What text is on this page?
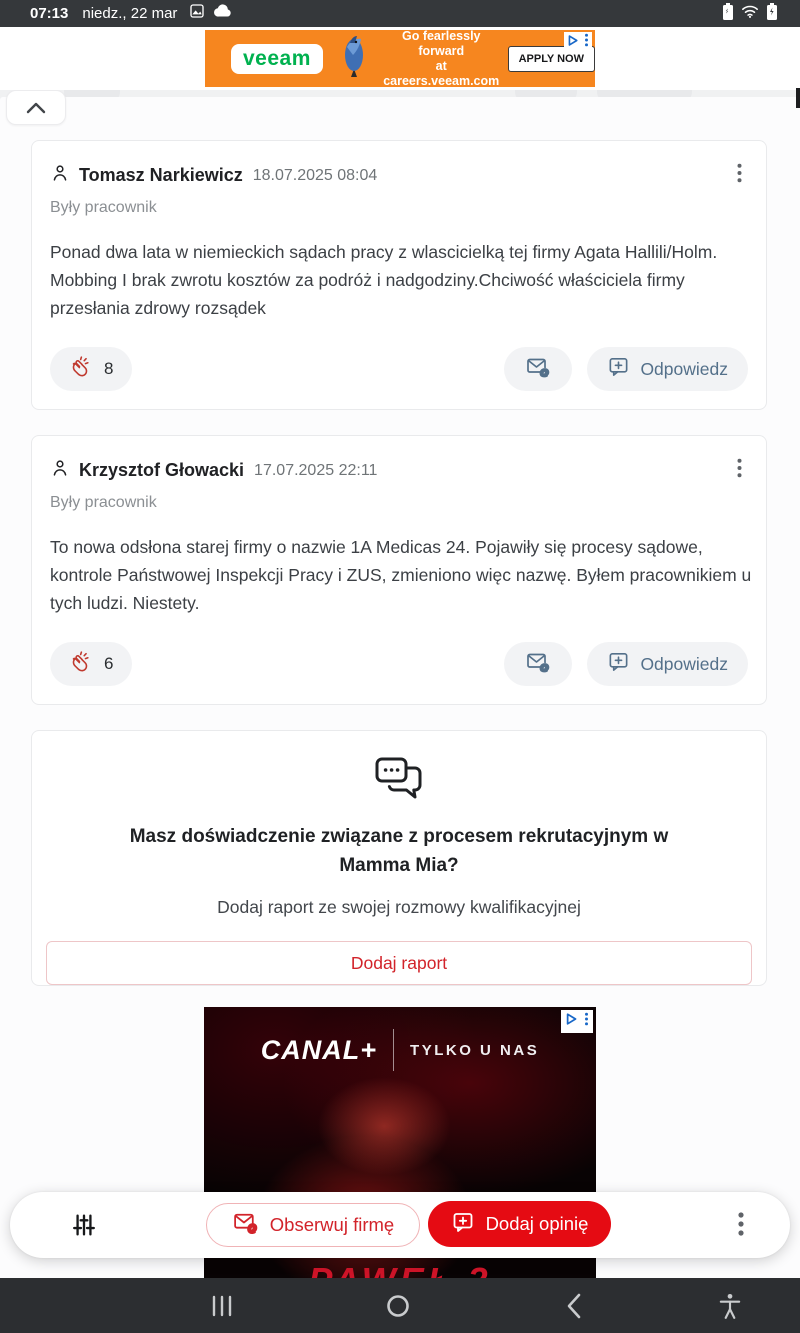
07:13 niedz., 22 mar
veeam
Go fearlessly forward
at careers.veeam.com
APPLY NOW
Tomasz Narkiewicz 18.07.2025 08:04
Były pracownik
Ponad dwa lata w niemieckich sądach pracy z wlascicielką tej firmy Agata Hallili/Holm. Mobbing I brak zwrotu kosztów za podróż i nadgodziny.Chciwość właściciela firmy przesłania zdrowy rozsądek
8	@	Odpowiedz
Krzysztof Głowacki 17.07.2025 22:11
Były pracownik
To nowa odsłona starej firmy o nazwie 1A Medicas 24. Pojawiły się procesy sądowe, kontrole Państwowej Inspekcji Pracy i ZUS, zmieniono więc nazwę. Byłem pracownikiem u tych ludzi. Niestety.
6	@	Odpowiedz
Masz doświadczenie związane z procesem rekrutacyjnym w Mamma Mia?
Dodaj raport ze swojej rozmowy kwalifikacyjnej
Dodaj raport
CANAL+ TYLKO U NAS
@ Obserwuj firmę	Dodaj opinię
